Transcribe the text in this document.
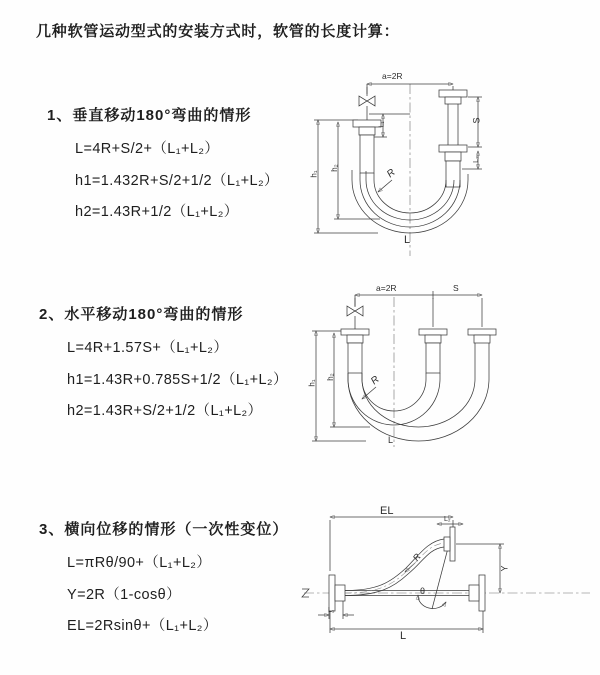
几种软管运动型式的安装方式时，软管的长度计算：
1、垂直移动180°弯曲的情形
L=4R+S/2+（L₁+L₂）
h1=1.432R+S/2+1/2（L₁+L₂）
h2=1.43R+1/2（L₁+L₂）
2、水平移动180°弯曲的情形
L=4R+1.57S+（L₁+L₂）
h1=1.43R+0.785S+1/2（L₁+L₂）
h2=1.43R+S/2+1/2（L₁+L₂）
3、横向位移的情形（一次性变位）
L=πRθ/90+（L₁+L₂）
Y=2R（1-cosθ）
EL=2Rsinθ+（L₁+L₂）
a=2R
S
L₂
L₁
h₁
h₂	R
L
a=2R	S
h₁
h₂	R
L
EL
L₂
Y
R
θ
L
L₁
